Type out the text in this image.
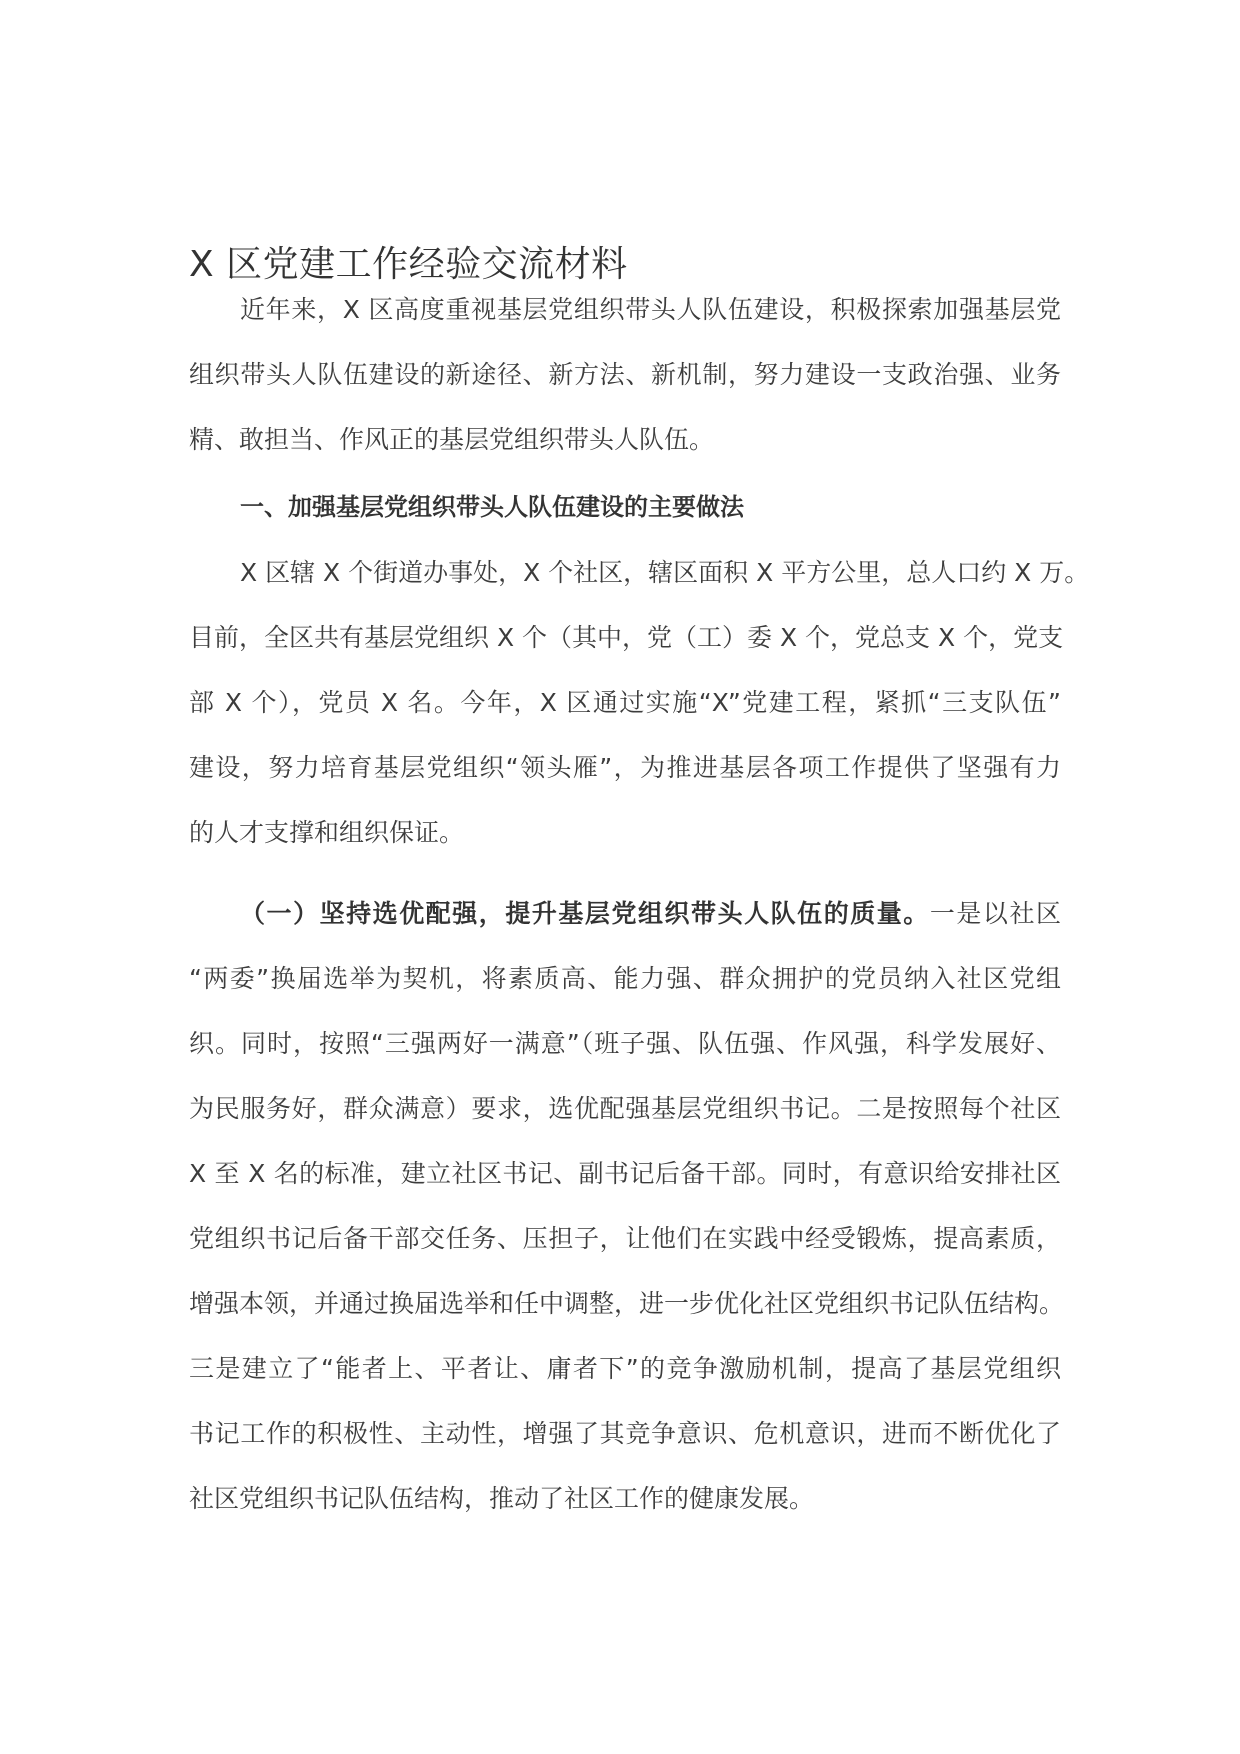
X 区党建工作经验交流材料
近年来，X 区高度重视基层党组织带头人队伍建设，积极探索加强基层党
组织带头人队伍建设的新途径、新方法、新机制，努力建设一支政治强、业务
精、敢担当、作风正的基层党组织带头人队伍。
一、加强基层党组织带头人队伍建设的主要做法
X 区辖 X 个街道办事处，X 个社区，辖区面积 X 平方公里，总人口约 X 万。
目前，全区共有基层党组织 X 个（其中，党（工）委 X 个，党总支 X 个，党支
部 X 个），党员 X 名。今年，X 区通过实施“X”党建工程，紧抓“三支队伍”
建设，努力培育基层党组织“领头雁”，为推进基层各项工作提供了坚强有力
的人才支撑和组织保证。
（一）坚持选优配强，提升基层党组织带头人队伍的质量。一是以社区
“两委”换届选举为契机，将素质高、能力强、群众拥护的党员纳入社区党组
织。同时，按照“三强两好一满意”（班子强、队伍强、作风强，科学发展好、
为民服务好，群众满意）要求，选优配强基层党组织书记。二是按照每个社区
X 至 X 名的标准，建立社区书记、副书记后备干部。同时，有意识给安排社区
党组织书记后备干部交任务、压担子，让他们在实践中经受锻炼，提高素质，
增强本领，并通过换届选举和任中调整，进一步优化社区党组织书记队伍结构。
三是建立了“能者上、平者让、庸者下”的竞争激励机制，提高了基层党组织
书记工作的积极性、主动性，增强了其竞争意识、危机意识，进而不断优化了
社区党组织书记队伍结构，推动了社区工作的健康发展。
